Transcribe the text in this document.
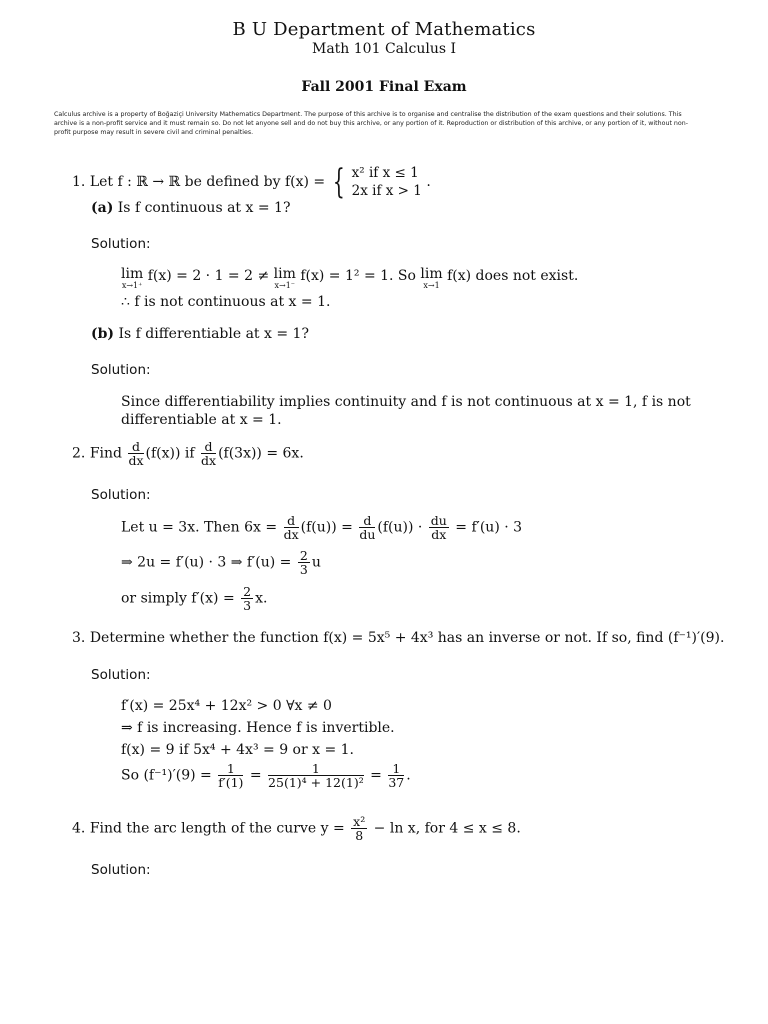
B U Department of Mathematics
Math 101 Calculus I
Fall 2001 Final Exam
Calculus archive is a property of Boğaziçi University Mathematics Department. The purpose of this archive is to organise and centralise the distribution of the exam questions and their solutions. This archive is a non-profit service and it must remain so. Do not let anyone sell and do not buy this archive, or any portion of it. Reproduction or distribution of this archive, or any portion of it, without non-profit purpose may result in severe civil and criminal penalties.
1. Let f : ℝ → ℝ be defined by f(x) = { x² if x ≤ 1
2x if x > 1
.
(a) Is f continuous at x = 1?
Solution:
lim
x→1⁺
f(x) = 2 · 1 = 2 ≠ lim
x→1⁻
f(x) = 1² = 1. So lim
x→1
f(x) does not exist.
∴ f is not continuous at x = 1.
(b) Is f differentiable at x = 1?
Solution:
Since differentiability implies continuity and f is not continuous at x = 1, f is not
differentiable at x = 1.
2. Find $\frac{d}{dx} (f(x))$ if $\frac{d}{dx} (f(3x)) = 6x$.
Solution:
Let u = 3x. Then $6x = \frac{d}{dx} (f(u)) = \frac{d}{du} (f(u)) \cdot \frac{du}{dx} = f'(u) \cdot 3$
⇒ 2u = f′(u) · 3 ⇒ $f'(u) = \frac{2}{3}$ u
or simply $f'(x) = \frac{2}{3} x$.
3. Determine whether the function f(x) = 5x⁵ + 4x³ has an inverse or not. If so, find (f⁻¹)′(9).
Solution:
f′(x) = 25x⁴ + 12x² > 0 ∀x ≠ 0
⇒ f is increasing. Hence f is invertible.
f(x) = 9 if 5x⁴ + 4x³ = 9 or x = 1.
So $(f^{-1})'(9) = \frac{1}{f'(1)} = \frac{1}{\text{25(1)⁴ + 12(1)²}} = \frac{1}{37}$ .
4. Find the arc length of the curve $y = \frac{\text{x²}}{8} - \ln x$, for 4 ≤ x ≤ 8.
Solution:
